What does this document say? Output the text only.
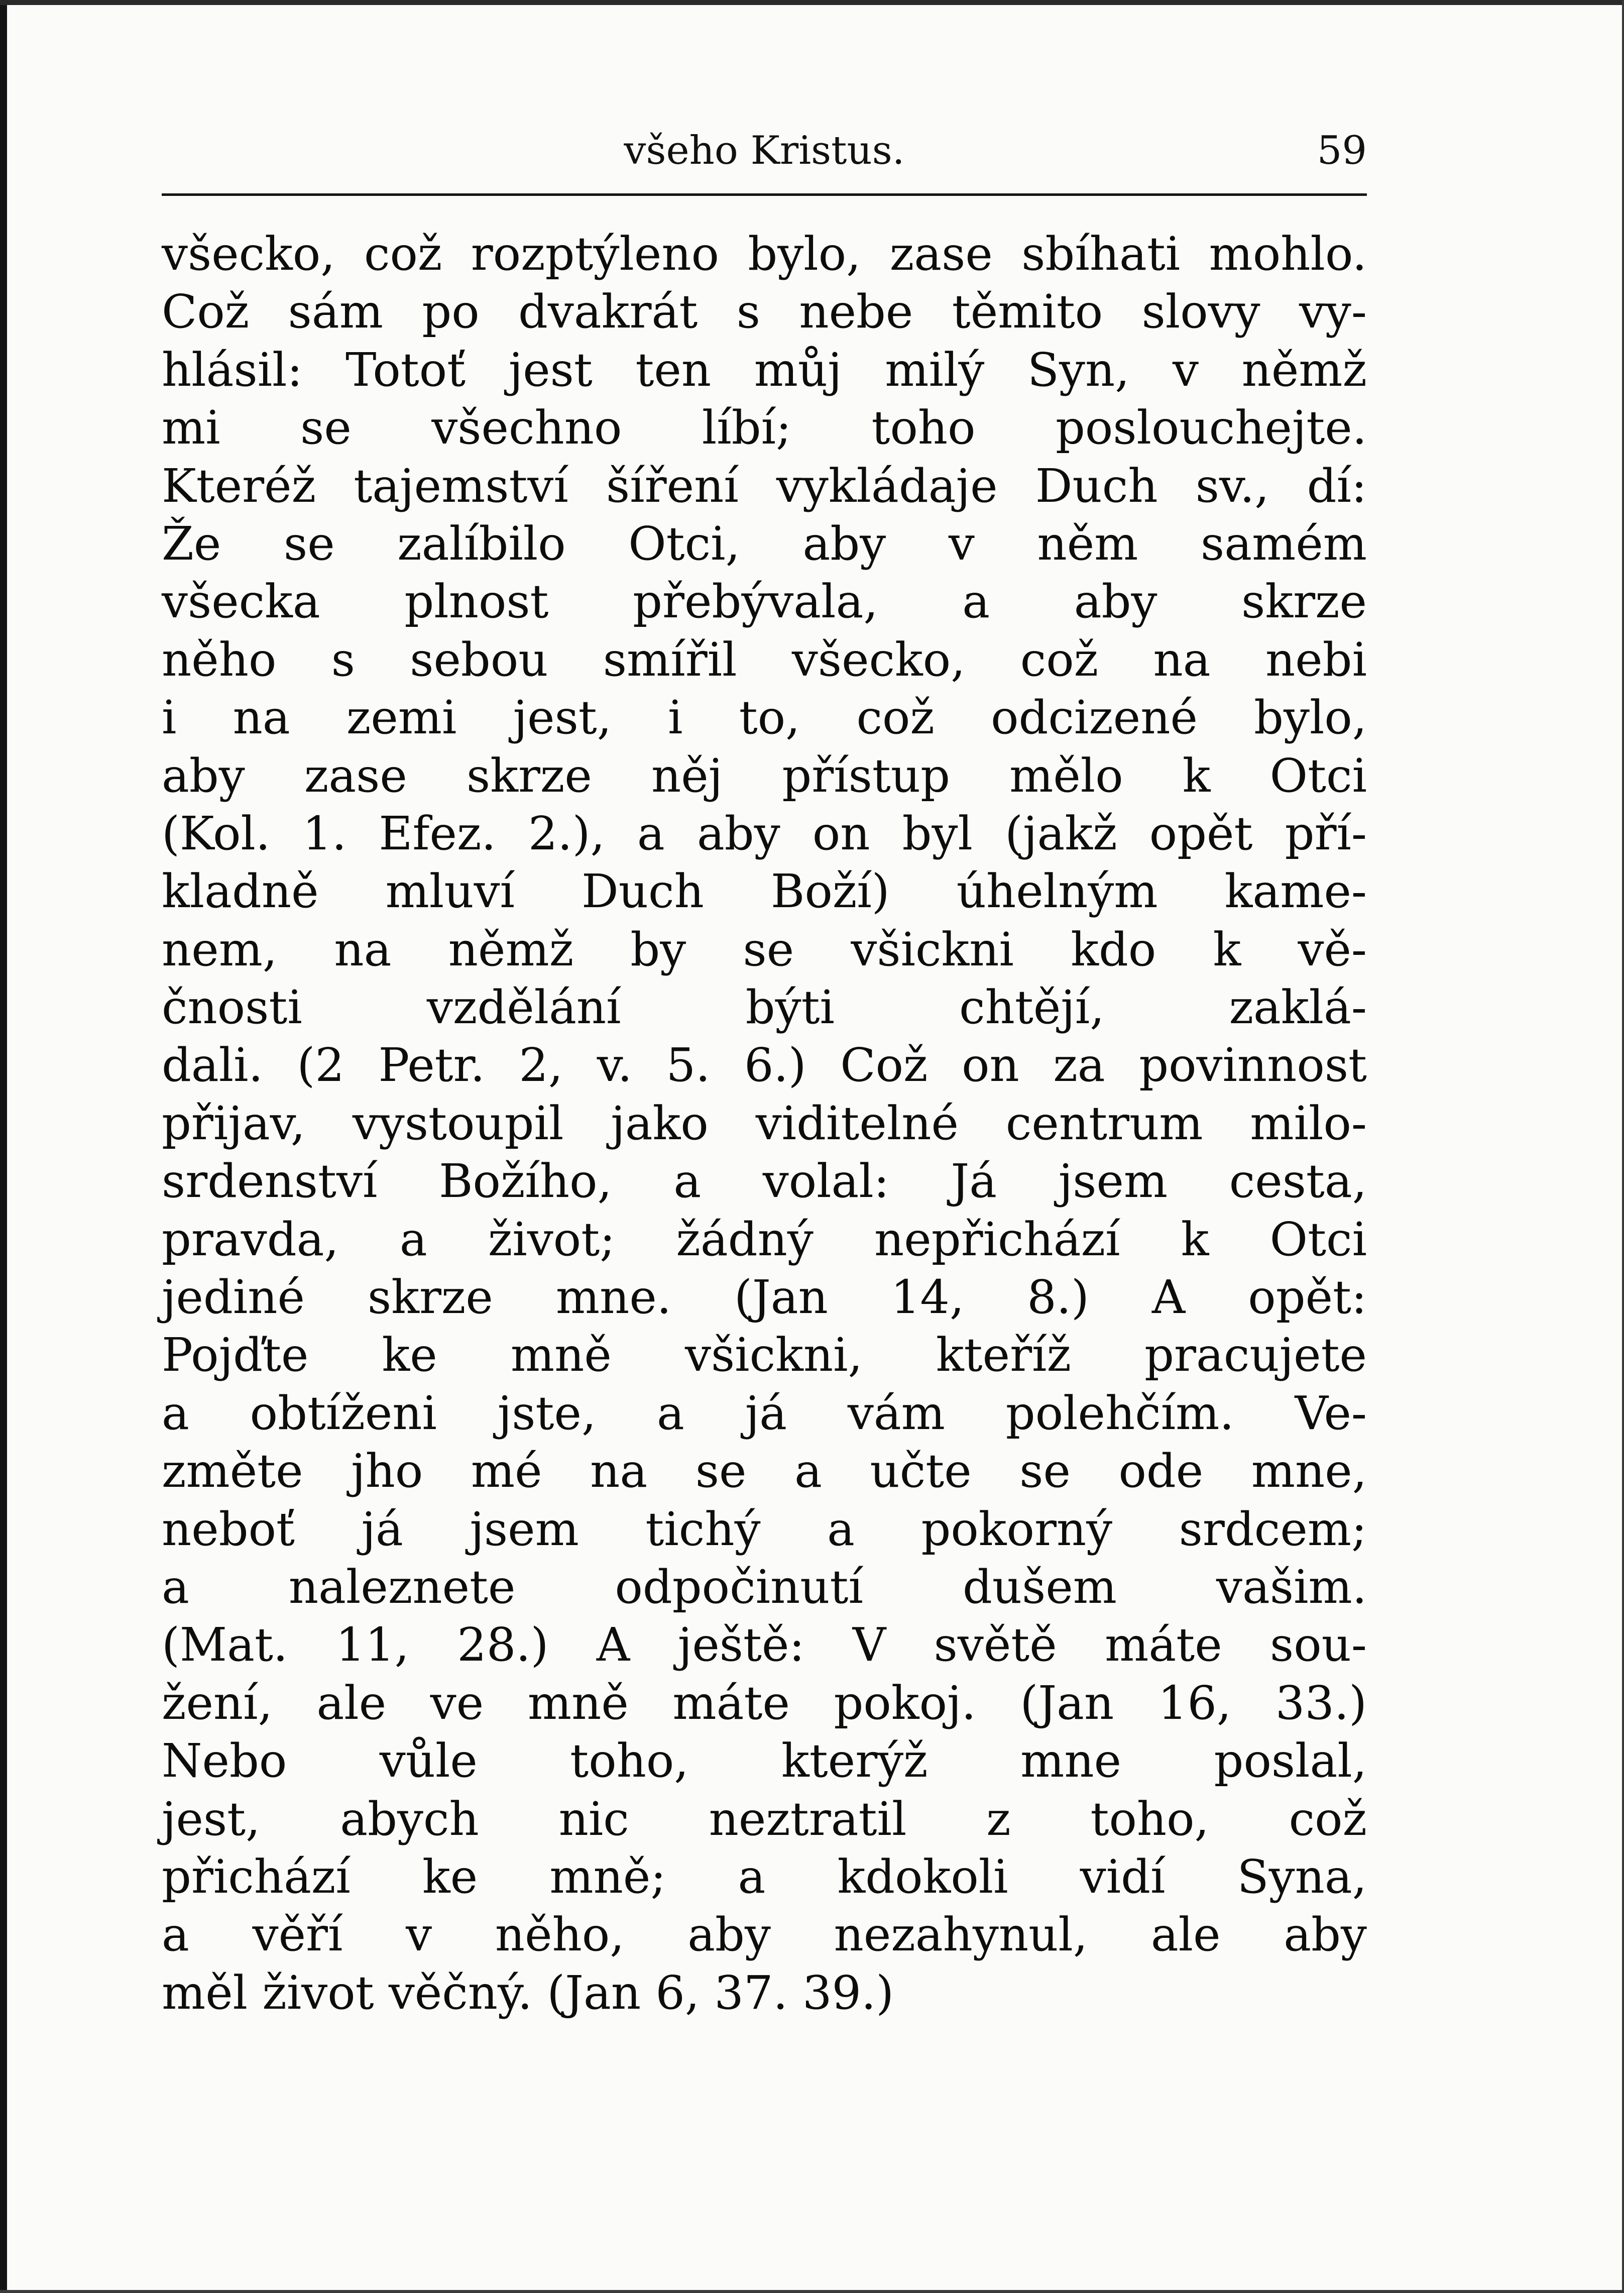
všeho Kristus.	59
všecko, což rozptýleno bylo, zase sbíhati mohlo.
Což sám po dvakrát s nebe těmito slovy vy-
hlásil: Totoť jest ten můj milý Syn, v němž
mi se všechno líbí; toho poslouchejte.
Kteréž tajemství šíření vykládaje Duch sv., dí:
Že se zalíbilo Otci, aby v něm samém
všecka plnost přebývala, a aby skrze
něho s sebou smířil všecko, což na nebi
i na zemi jest, i to, což odcizené bylo,
aby zase skrze něj přístup mělo k Otci
(Kol. 1. Efez. 2.), a aby on byl (jakž opět pří-
kladně mluví Duch Boží) úhelným kame-
nem, na němž by se všickni kdo k vě-
čnosti vzdělání býti chtějí, zaklá-
dali. (2 Petr. 2, v. 5. 6.) Což on za povinnost
přijav, vystoupil jako viditelné centrum milo-
srdenství Božího, a volal: Já jsem cesta,
pravda, a život; žádný nepřichází k Otci
jediné skrze mne. (Jan 14, 8.) A opět:
Pojďte ke mně všickni, kteříž pracujete
a obtíženi jste, a já vám polehčím. Ve-
změte jho mé na se a učte se ode mne,
neboť já jsem tichý a pokorný srdcem;
a naleznete odpočinutí dušem vašim.
(Mat. 11, 28.) A ještě: V světě máte sou-
žení, ale ve mně máte pokoj. (Jan 16, 33.)
Nebo vůle toho, kterýž mne poslal,
jest, abych nic neztratil z toho, což
přichází ke mně; a kdokoli vidí Syna,
a věří v něho, aby nezahynul, ale aby
měl život věčný. (Jan 6, 37. 39.)
